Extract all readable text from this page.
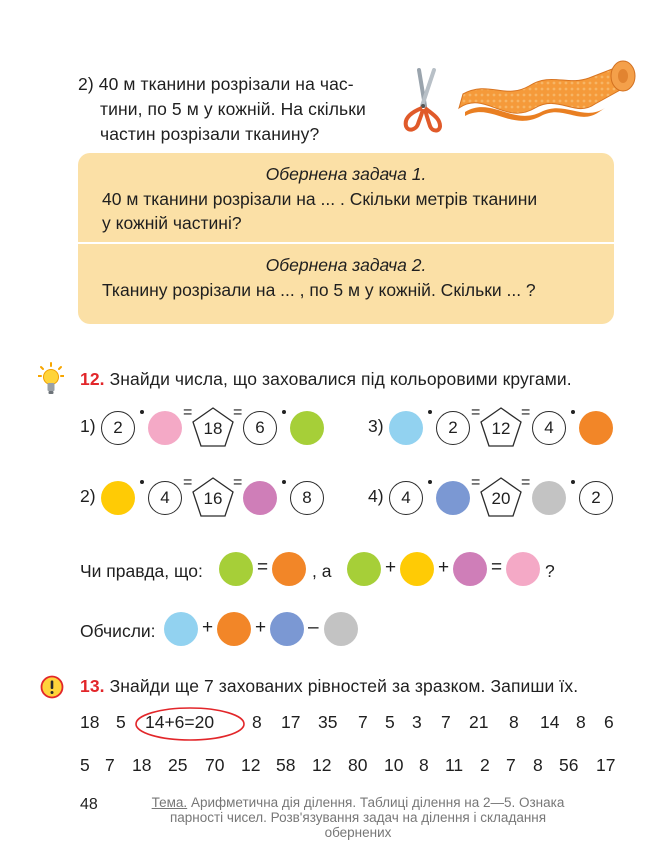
2) 40 м тканини розрізали на час-
тини, по 5 м у кожній. На скільки
частин розрізали тканину?
Обернена задача 1.
40 м тканини розрізали на ... . Скільки метрів тканини
у кожній частині?
Обернена задача 2.
Тканину розрізали на ... , по 5 м у кожній. Скільки ... ?
12. Знайди числа, що заховалися під кольоровими кругами.
1)	2
=
18
=
6	3)	2
=
12
=
4
2)	4
=
16
=
8	4)	4
=
20
=
2
Чи правда, що:	=	, а	+ + = ?
Обчисли: + + –
13. Знайди ще 7 захованих рівностей за зразком. Запиши їх.
18 5 14+6=20 8 17 35 7 5 3 7 21 8 14 8 6
5 7 18 25 70 12 58 12 80 10 8 11 2 7 8 56 17
48	Тема. Арифметична дія ділення. Таблиці ділення на 2—5. Ознака парності чисел. Розв'язування задач на ділення і складання обернених
